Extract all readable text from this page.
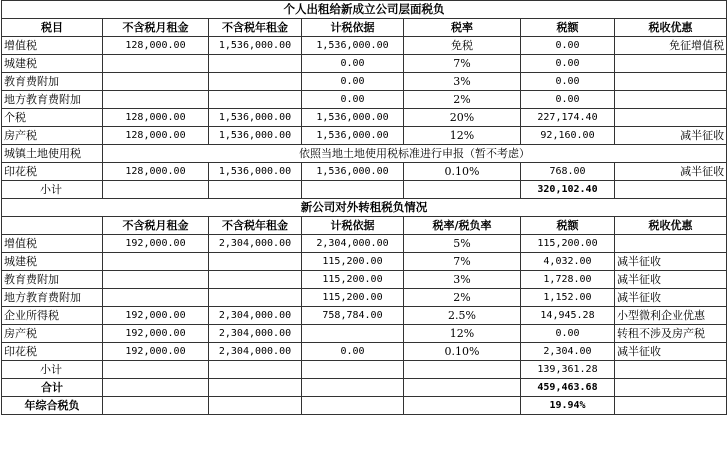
个人出租给新成立公司层面税负						
税目	不含税月租金	不含税年租金	计税依据	税率	税额	税收优惠
增值税	128,000.00	1,536,000.00	1,536,000.00	免税	0.00	免征增值税
城建税			0.00	7%	0.00	
教育费附加			0.00	3%	0.00	
地方教育费附加			0.00	2%	0.00	
个税	128,000.00	1,536,000.00	1,536,000.00	20%	227,174.40	
房产税	128,000.00	1,536,000.00	1,536,000.00	12%	92,160.00	减半征收
城镇土地使用税	依照当地土地使用税标准进行申报（暂不考虑）					
印花税	128,000.00	1,536,000.00	1,536,000.00	0.10%	768.00	减半征收
小计					320,102.40	
新公司对外转租税负情况						
	不含税月租金	不含税年租金	计税依据	税率/税负率	税额	税收优惠
增值税	192,000.00	2,304,000.00	2,304,000.00	5%	115,200.00	
城建税			115,200.00	7%	4,032.00	减半征收
教育费附加			115,200.00	3%	1,728.00	减半征收
地方教育费附加			115,200.00	2%	1,152.00	减半征收
企业所得税	192,000.00	2,304,000.00	758,784.00	2.5%	14,945.28	小型微利企业优惠
房产税	192,000.00	2,304,000.00		12%	0.00	转租不涉及房产税
印花税	192,000.00	2,304,000.00	0.00	0.10%	2,304.00	减半征收
小计					139,361.28	
合计					459,463.68	
年综合税负					19.94%	
